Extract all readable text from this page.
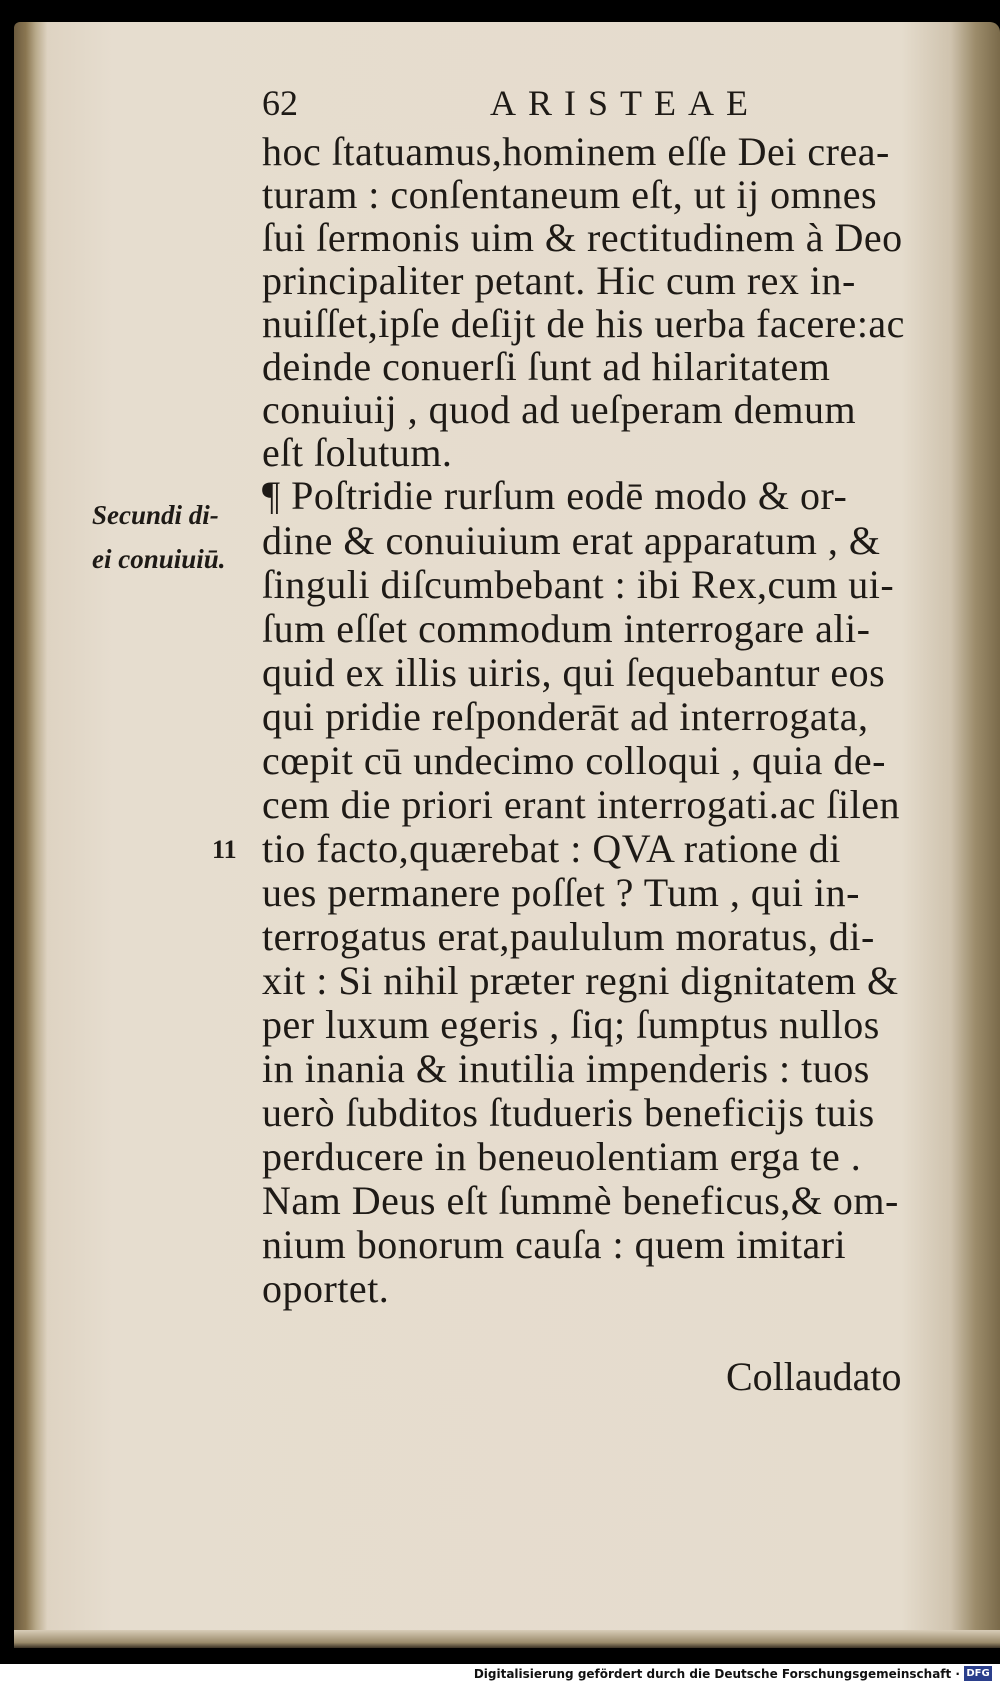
62	ARISTEAE
hoc ſtatuamus,hominem eſſe Dei crea-
turam : conſentaneum eſt, ut ij omnes
ſui ſermonis uim & rectitudinem à Deo
principaliter petant. Hic cum rex in-
nuiſſet,ipſe deſijt de his uerba facere:ac
deinde conuerſi ſunt ad hilaritatem
conuiuij , quod ad ueſperam demum
eſt ſolutum.
¶ Poſtridie rurſum eodē modo & or-
dine & conuiuium erat apparatum , &
ſinguli diſcumbebant : ibi Rex,cum ui-
ſum eſſet commodum interrogare ali-
quid ex illis uiris, qui ſequebantur eos
qui pridie reſponderāt ad interrogata,
cœpit cū undecimo colloqui , quia de-
cem die priori erant interrogati.ac ſilen
tio facto,quærebat : QVA ratione di
ues permanere poſſet ? Tum , qui in-
terrogatus erat,paululum moratus, di-
xit : Si nihil præter regni dignitatem &
per luxum egeris , ſiq; ſumptus nullos
in inania & inutilia impenderis : tuos
uerò ſubditos ſtudueris beneficijs tuis
perducere in beneuolentiam erga te .
Nam Deus eſt ſummè beneficus,& om-
nium bonorum cauſa : quem imitari
oportet.
Collaudato
Secundi di-
ei conuiuiū.
11
Digitalisierung gefördert durch die Deutsche Forschungsgemeinschaft · DFG
